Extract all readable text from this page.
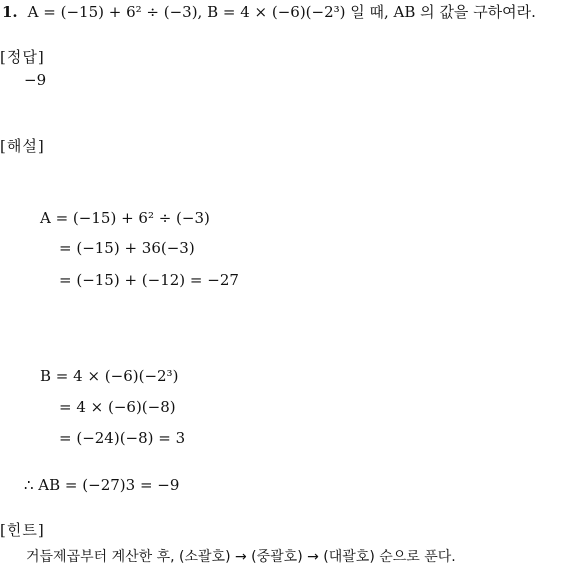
1. A = (−15) + 6² ÷ (−3), B = 4 × (−6)(−2³) 일 때, AB 의 값을 구하여라.
[정답]
−9
[해설]
A = (−15) + 6² ÷ (−3)
= (−15) + 36(−3)
= (−15) + (−12) = −27
B = 4 × (−6)(−2³)
= 4 × (−6)(−8)
= (−24)(−8) = 3
∴ AB = (−27)3 = −9
[힌트]
거듭제곱부터 계산한 후, (소괄호) → (중괄호) → (대괄호) 순으로 푼다.
